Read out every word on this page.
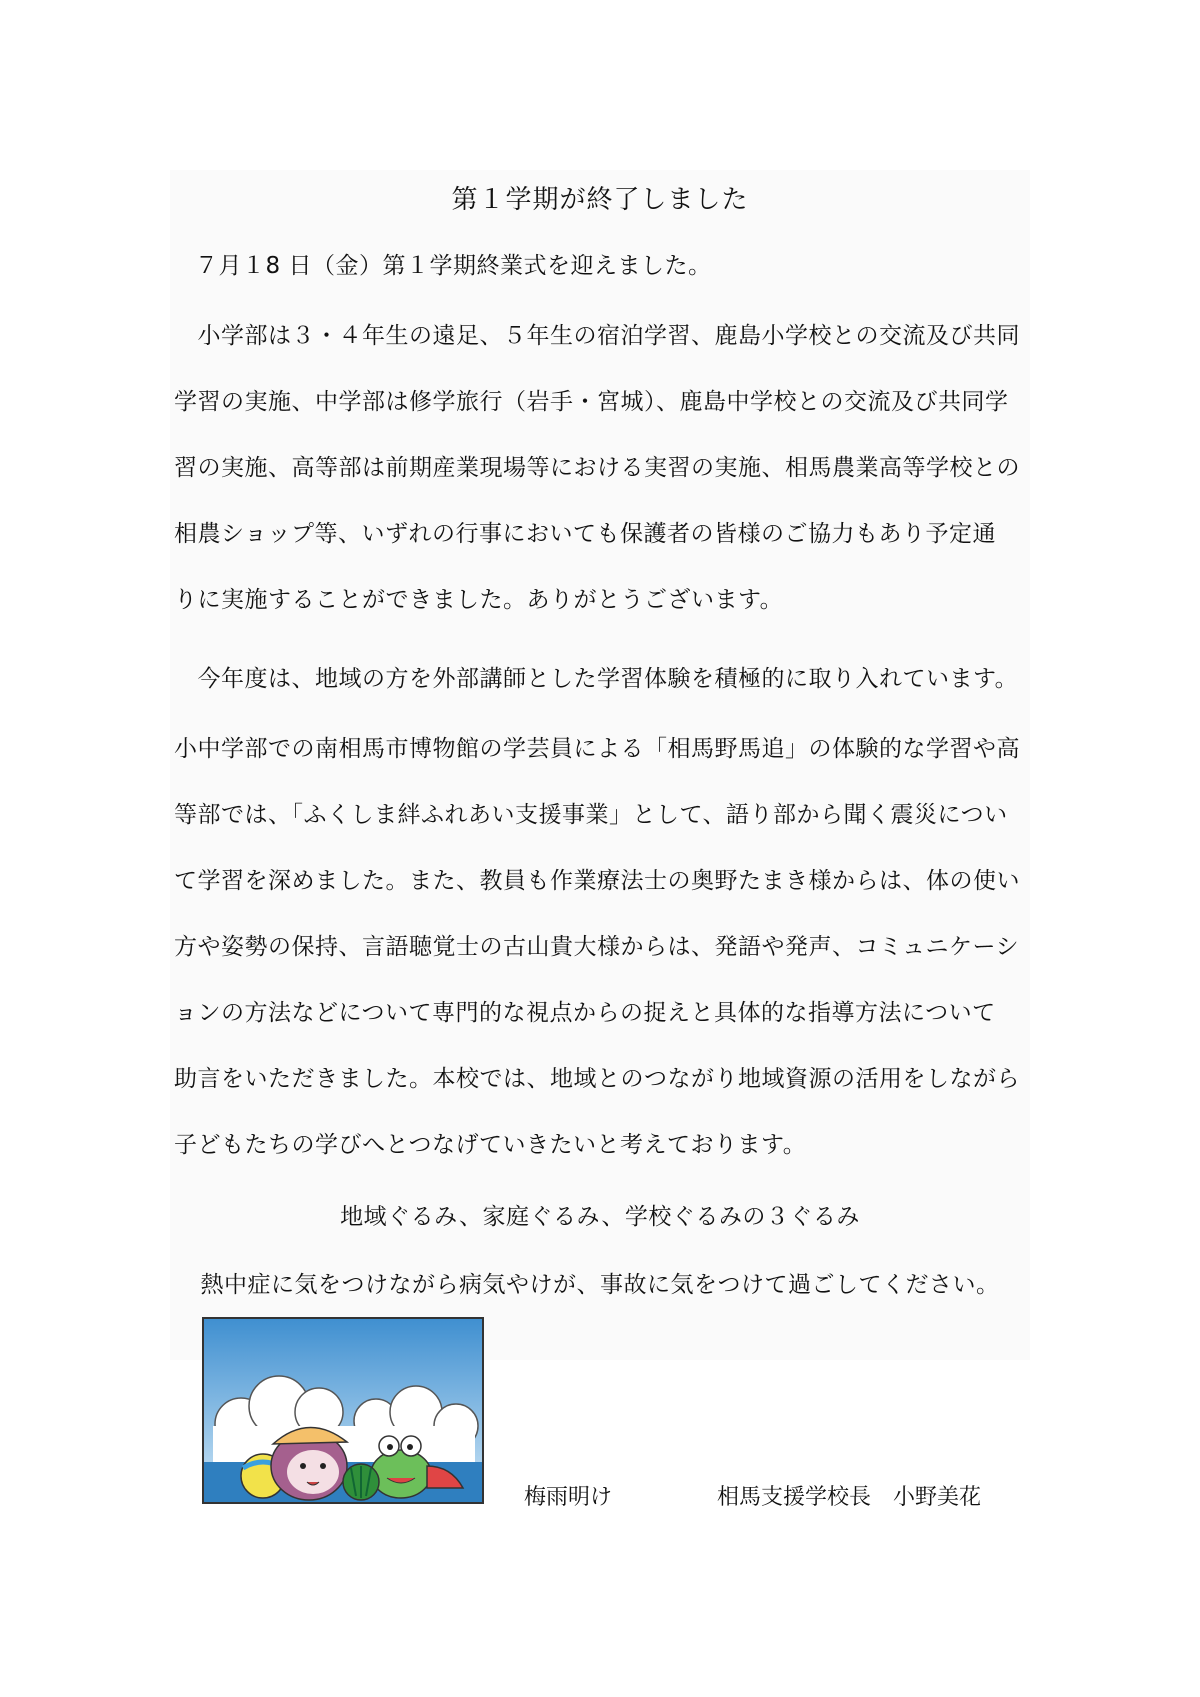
第１学期が終了しました
７月１8 日（金）第１学期終業式を迎えました。
　小学部は３・４年生の遠足、５年生の宿泊学習、鹿島小学校との交流及び共同
学習の実施、中学部は修学旅行（岩手・宮城）、鹿島中学校との交流及び共同学
習の実施、高等部は前期産業現場等における実習の実施、相馬農業高等学校との
相農ショップ等、いずれの行事においても保護者の皆様のご協力もあり予定通
りに実施することができました。ありがとうございます。
　今年度は、地域の方を外部講師とした学習体験を積極的に取り入れています。
小中学部での南相馬市博物館の学芸員による「相馬野馬追」の体験的な学習や高
等部では、「ふくしま絆ふれあい支援事業」として、語り部から聞く震災につい
て学習を深めました。また、教員も作業療法士の奥野たまき様からは、体の使い
方や姿勢の保持、言語聴覚士の古山貴大様からは、発語や発声、コミュニケーシ
ョンの方法などについて専門的な視点からの捉えと具体的な指導方法について
助言をいただきました。本校では、地域とのつながり地域資源の活用をしながら
子どもたちの学びへとつなげていきたいと考えております。
地域ぐるみ、家庭ぐるみ、学校ぐるみの３ぐるみ
熱中症に気をつけながら病気やけが、事故に気をつけて過ごしてください。
梅雨明け	相馬支援学校長　小野美花
